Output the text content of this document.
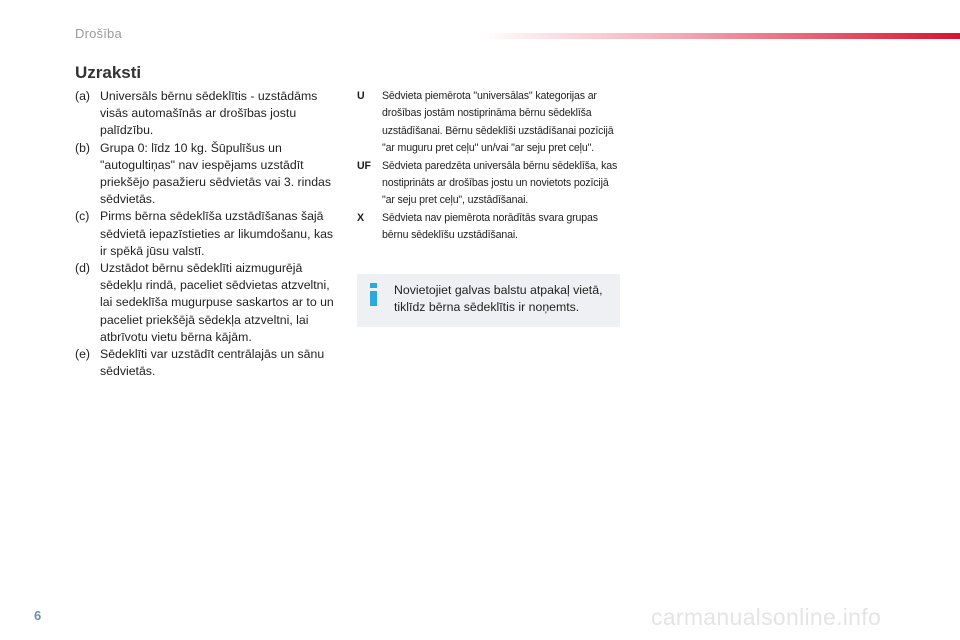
Drošība
Uzraksti
(a) Universāls bērnu sēdeklītis - uzstādāms visās automašīnās ar drošības jostu palīdzību.
(b) Grupa 0: līdz 10 kg. Šūpulīšus un "autogultiņas" nav iespējams uzstādīt priekšējo pasažieru sēdvietās vai 3. rindas sēdvietās.
(c) Pirms bērna sēdeklīša uzstādīšanas šajā sēdvietā iepazīstieties ar likumdošanu, kas ir spēkā jūsu valstī.
(d) Uzstādot bērnu sēdeklīti aizmugurējā sēdekļu rindā, paceliet sēdvietas atzveltni, lai sedeklīša mugurpuse saskartos ar to un paceliet priekšējā sēdekļa atzveltni, lai atbrīvotu vietu bērna kājām.
(e) Sēdeklīti var uzstādīt centrālajās un sānu sēdvietās.
U	Sēdvieta piemērota "universālas" kategorijas ar drošības jostām nostiprināma bērnu sēdeklīša uzstādīšanai. Bērnu sēdeklīši uzstādīšanai pozīcijā "ar muguru pret ceļu" un/vai "ar seju pret ceļu".
UF	Sēdvieta paredzēta universāla bērnu sēdeklīša, kas nostiprināts ar drošības jostu un novietots pozīcijā "ar seju pret ceļu", uzstādīšanai.
X	Sēdvieta nav piemērota norādītās svara grupas bērnu sēdeklīšu uzstādīšanai.
Novietojiet galvas balstu atpakaļ vietā, tiklīdz bērna sēdeklītis ir noņemts.
6	carmanualsonline.info
